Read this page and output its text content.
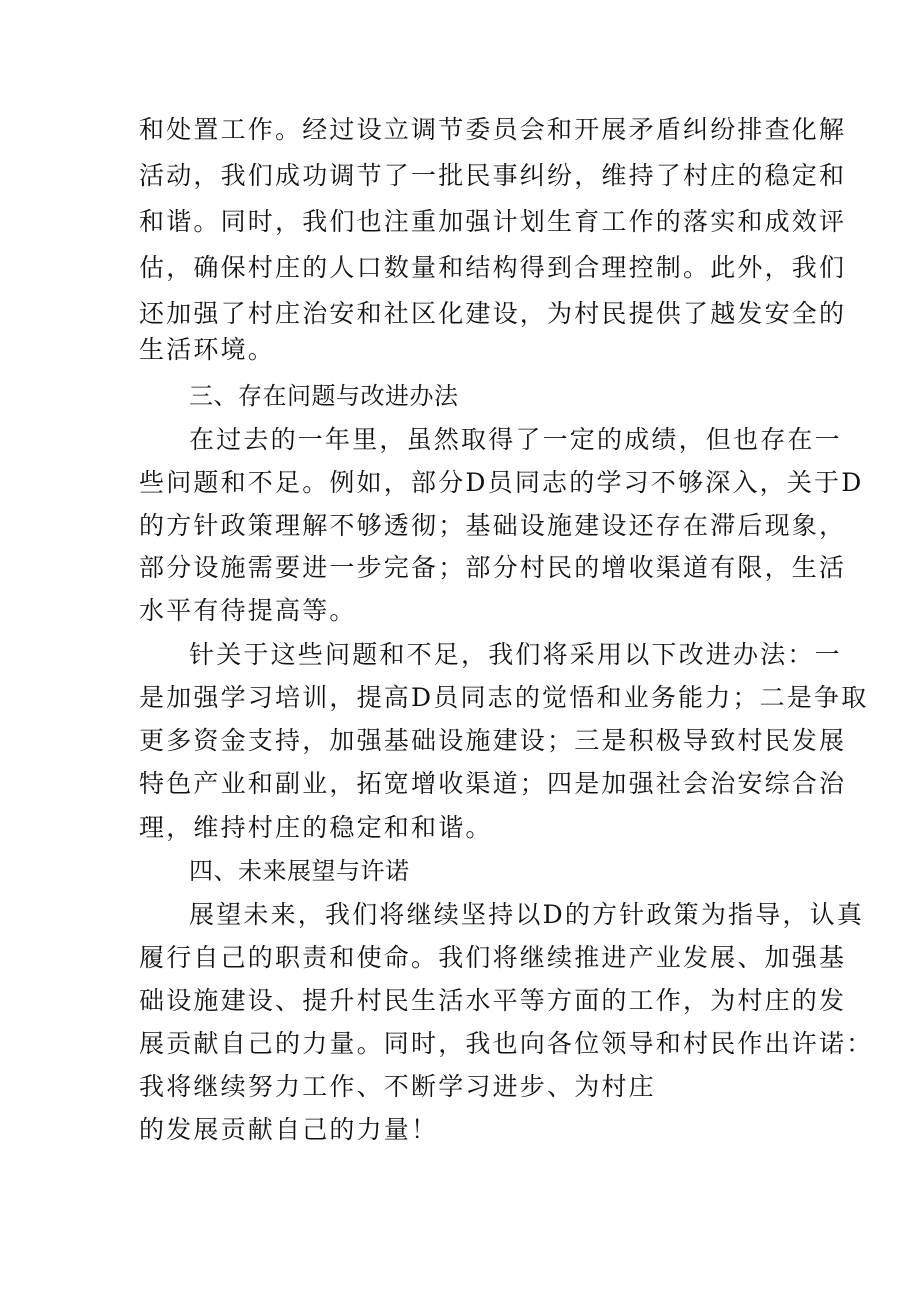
和处置工作。经过设立调节委员会和开展矛盾纠纷排查化解
活动，我们成功调节了一批民事纠纷，维持了村庄的稳定和
和谐。同时，我们也注重加强计划生育工作的落实和成效评
估，确保村庄的人口数量和结构得到合理控制。此外，我们
还加强了村庄治安和社区化建设，为村民提供了越发安全的
生活环境。
三、存在问题与改进办法
在过去的一年里，虽然取得了一定的成绩，但也存在一
些问题和不足。例如，部分D员同志的学习不够深入，关于D
的方针政策理解不够透彻；基础设施建设还存在滞后现象，
部分设施需要进一步完备；部分村民的增收渠道有限，生活
水平有待提高等。
针关于这些问题和不足，我们将采用以下改进办法：一
是加强学习培训，提高D员同志的觉悟和业务能力；二是争取
更多资金支持，加强基础设施建设；三是积极导致村民发展
特色产业和副业，拓宽增收渠道；四是加强社会治安综合治
理，维持村庄的稳定和和谐。
四、未来展望与许诺
展望未来，我们将继续坚持以D的方针政策为指导，认真
履行自己的职责和使命。我们将继续推进产业发展、加强基
础设施建设、提升村民生活水平等方面的工作，为村庄的发
展贡献自己的力量。同时，我也向各位领导和村民作出许诺：
我将继续努力工作、不断学习进步、为村庄
的发展贡献自己的力量！
